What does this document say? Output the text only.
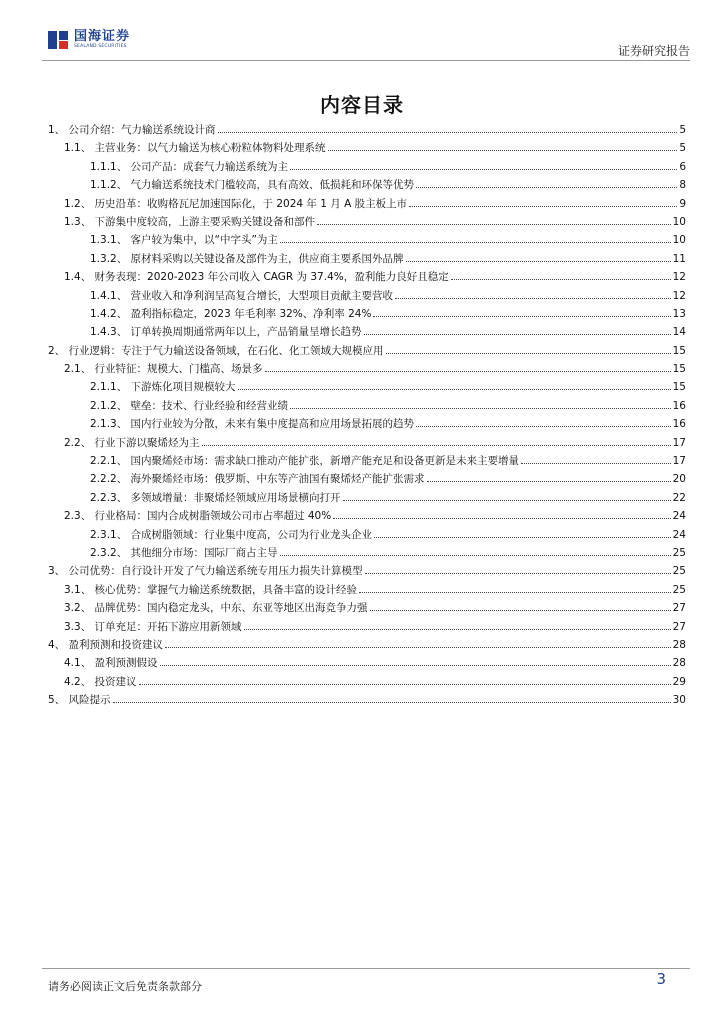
国海证券
SEALAND SECURITIES	证券研究报告
内容目录
1、 公司介绍：气力输送系统设计商	5
1.1、 主营业务：以气力输送为核心粉粒体物料处理系统	5
1.1.1、 公司产品：成套气力输送系统为主	6
1.1.2、 气力输送系统技术门槛较高，具有高效、低损耗和环保等优势	8
1.2、 历史沿革：收购格瓦尼加速国际化，于 2024 年 1 月 A 股主板上市	9
1.3、 下游集中度较高，上游主要采购关键设备和部件	10
1.3.1、 客户较为集中，以“中字头”为主	10
1.3.2、 原材料采购以关键设备及部件为主，供应商主要系国外品牌	11
1.4、 财务表现：2020-2023 年公司收入 CAGR 为 37.4%，盈利能力良好且稳定	12
1.4.1、 营业收入和净利润呈高复合增长，大型项目贡献主要营收	12
1.4.2、 盈利指标稳定，2023 年毛利率 32%、净利率 24%	13
1.4.3、 订单转换周期通常两年以上，产品销量呈增长趋势	14
2、 行业逻辑：专注于气力输送设备领域，在石化、化工领域大规模应用	15
2.1、 行业特征：规模大、门槛高、场景多	15
2.1.1、 下游炼化项目规模较大	15
2.1.2、 壁垒：技术、行业经验和经营业绩	16
2.1.3、 国内行业较为分散，未来有集中度提高和应用场景拓展的趋势	16
2.2、 行业下游以聚烯烃为主	17
2.2.1、 国内聚烯烃市场：需求缺口推动产能扩张，新增产能充足和设备更新是未来主要增量	17
2.2.2、 海外聚烯烃市场：俄罗斯、中东等产油国有聚烯烃产能扩张需求	20
2.2.3、 多领域增量：非聚烯烃领域应用场景横向打开	22
2.3、 行业格局：国内合成树脂领域公司市占率超过 40%	24
2.3.1、 合成树脂领域：行业集中度高，公司为行业龙头企业	24
2.3.2、 其他细分市场：国际厂商占主导	25
3、 公司优势：自行设计开发了气力输送系统专用压力损失计算模型	25
3.1、 核心优势：掌握气力输送系统数据，具备丰富的设计经验	25
3.2、 品牌优势：国内稳定龙头，中东、东亚等地区出海竞争力强	27
3.3、 订单充足：开拓下游应用新领域	27
4、 盈利预测和投资建议	28
4.1、 盈利预测假设	28
4.2、 投资建议	29
5、 风险提示	30
请务必阅读正文后免责条款部分	3
